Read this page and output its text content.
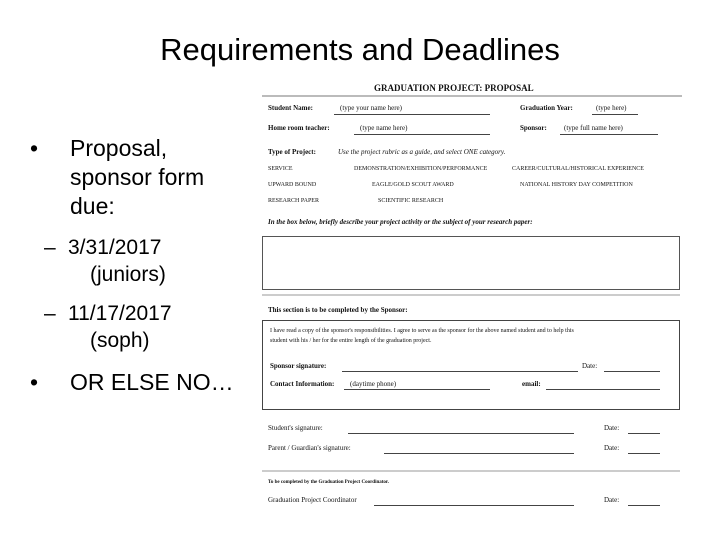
Requirements and Deadlines
• Proposal,
sponsor form
due:
– 3/31/2017
(juniors)
– 11/17/2017
(soph)
• OR ELSE NO…
GRADUATION PROJECT: PROPOSAL
Student Name:	(type your name here)	Graduation Year:	(type here)
Home room teacher:	(type name here)	Sponsor: (type full name here)
Type of Project:	Use the project rubric as a guide, and select ONE category.
SERVICE	DEMONSTRATION/EXHIBITION/PERFORMANCE	CAREER/CULTURAL/HISTORICAL EXPERIENCE
UPWARD BOUND	EAGLE/GOLD SCOUT AWARD	NATIONAL HISTORY DAY COMPETITION
RESEARCH PAPER	SCIENTIFIC RESEARCH
In the box below, briefly describe your project activity or the subject of your research paper:
This section is to be completed by the Sponsor:
I have read a copy of the sponsor's responsibilities. I agree to serve as the sponsor for the above named student and to help this
student with his / her for the entire length of the graduation project.
Sponsor signature:	Date:
Contact Information: (daytime phone)	email:
Student's signature:	Date:
Parent / Guardian's signature:	Date:
To be completed by the Graduation Project Coordinator.
Graduation Project Coordinator	Date:
